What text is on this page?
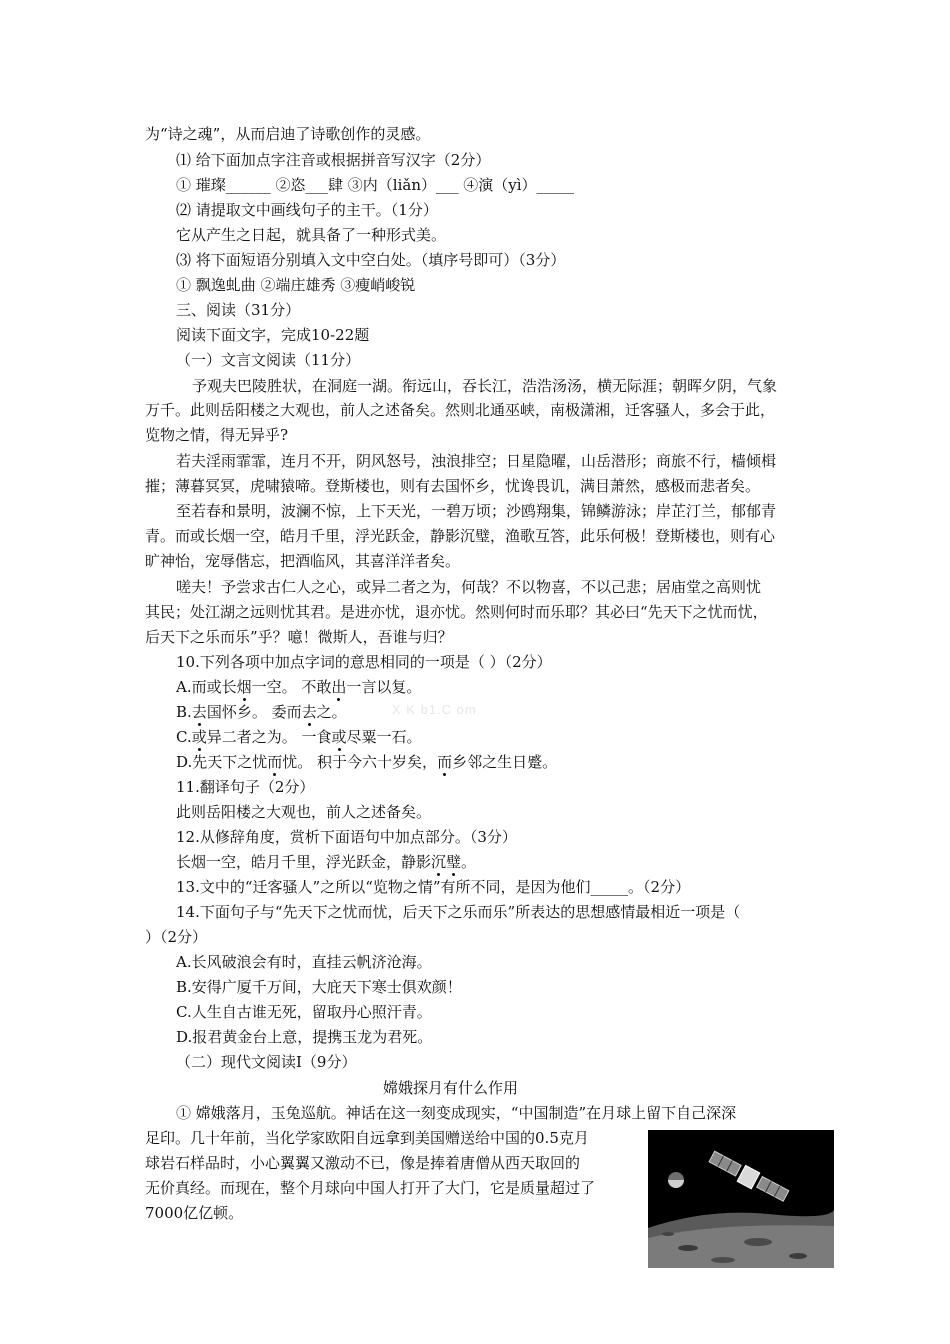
为“诗之魂”，从而启迪了诗歌创作的灵感。
⑴ 给下面加点字注音或根据拼音写汉字（2分）
① 璀璨______ ②恣___肆 ③内（liǎn）___ ④演（yì）_____
⑵ 请提取文中画线句子的主干。（1分）
它从产生之日起，就具备了一种形式美。
⑶ 将下面短语分别填入文中空白处。（填序号即可）（3分）
① 飘逸虬曲 ②端庄雄秀 ③瘦峭峻锐
三、阅读（31分）
阅读下面文字，完成10-22题
（一）文言文阅读（11分）
予观夫巴陵胜状，在洞庭一湖。衔远山，吞长江，浩浩汤汤，横无际涯；朝晖夕阴，气象
万千。此则岳阳楼之大观也，前人之述备矣。然则北通巫峡，南极潇湘，迁客骚人，多会于此，
览物之情，得无异乎?
若夫淫雨霏霏，连月不开，阴风怒号，浊浪排空；日星隐曜，山岳潜形；商旅不行，樯倾楫
摧；薄暮冥冥，虎啸猿啼。登斯楼也，则有去国怀乡，忧谗畏讥，满目萧然，感极而悲者矣。
至若春和景明，波澜不惊，上下天光，一碧万顷；沙鸥翔集，锦鳞游泳；岸芷汀兰，郁郁青
青。而或长烟一空，皓月千里，浮光跃金，静影沉璧，渔歌互答，此乐何极！登斯楼也，则有心
旷神怡，宠辱偕忘，把酒临风，其喜洋洋者矣。
嗟夫！予尝求古仁人之心，或异二者之为，何哉？不以物喜，不以己悲；居庙堂之高则忧
其民；处江湖之远则忧其君。是进亦忧，退亦忧。然则何时而乐耶？其必曰“先天下之忧而忧，
后天下之乐而乐”乎？噫！微斯人，吾谁与归？
10.下列各项中加点字词的意思相同的一项是（ ）（2分）
A.而或长烟一空。 不敢出一言以复。
B.去国怀乡。 委而去之。	X K b1.C om
C.或异二者之为。 一食或尽粟一石。
D.先天下之忧而忧。 积于今六十岁矣，而乡邻之生日蹙。
11.翻译句子（2分）
此则岳阳楼之大观也，前人之述备矣。
12.从修辞角度，赏析下面语句中加点部分。（3分）
长烟一空，皓月千里，浮光跃金，静影沉璧。
13.文中的“迁客骚人”之所以“览物之情”有所不同，是因为他们_____。（2分）
14.下面句子与“先天下之忧而忧，后天下之乐而乐”所表达的思想感情最相近一项是（
）（2分）
A.长风破浪会有时，直挂云帆济沧海。
B.安得广厦千万间，大庇天下寒士俱欢颜！
C.人生自古谁无死，留取丹心照汗青。
D.报君黄金台上意，提携玉龙为君死。
（二）现代文阅读Ⅰ（9分）
嫦娥探月有什么作用
① 嫦娥落月，玉兔巡航。神话在这一刻变成现实，“中国制造”在月球上留下自己深深
足印。几十年前，当化学家欧阳自远拿到美国赠送给中国的0.5克月
球岩石样品时，小心翼翼又激动不已，像是捧着唐僧从西天取回的
无价真经。而现在，整个月球向中国人打开了大门，它是质量超过了
7000亿亿顿。
